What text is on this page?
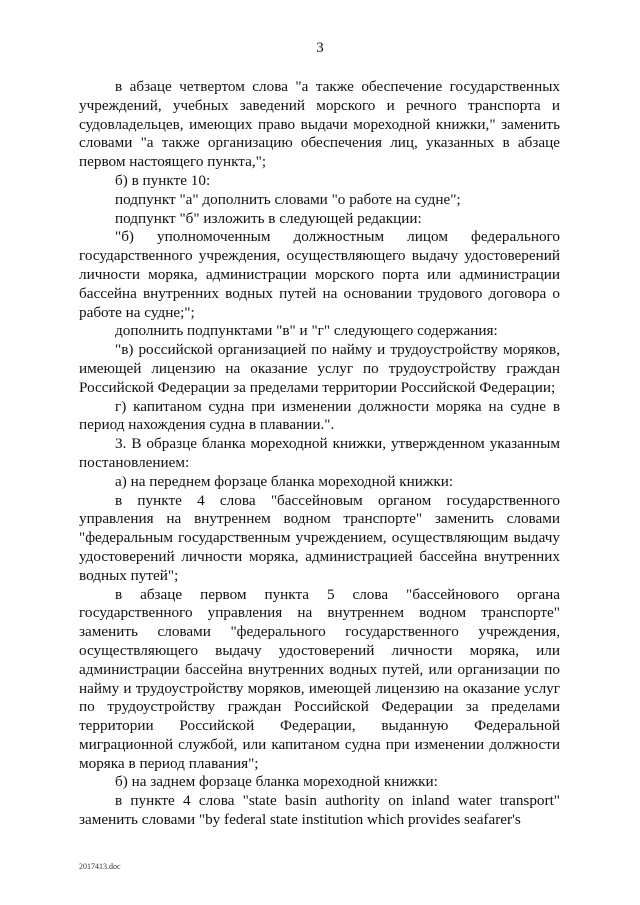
3

в абзаце четвертом слова "а также обеспечение государственных учреждений, учебных заведений морского и речного транспорта и судовладельцев, имеющих право выдачи мореходной книжки," заменить словами "а также организацию обеспечения лиц, указанных в абзаце первом настоящего пункта,";

б) в пункте 10:

подпункт "а" дополнить словами "о работе на судне";

подпункт "б" изложить в следующей редакции:

"б) уполномоченным должностным лицом федерального государственного учреждения, осуществляющего выдачу удостоверений личности моряка, администрации морского порта или администрации бассейна внутренних водных путей на основании трудового договора о работе на судне;";

дополнить подпунктами "в" и "г" следующего содержания:

"в) российской организацией по найму и трудоустройству моряков, имеющей лицензию на оказание услуг по трудоустройству граждан Российской Федерации за пределами территории Российской Федерации;

г) капитаном судна при изменении должности моряка на судне в период нахождения судна в плавании.".

3. В образце бланка мореходной книжки, утвержденном указанным постановлением:

а) на переднем форзаце бланка мореходной книжки:

в пункте 4 слова "бассейновым органом государственного управления на внутреннем водном транспорте" заменить словами "федеральным государственным учреждением, осуществляющим выдачу удостоверений личности моряка, администрацией бассейна внутренних водных путей";

в абзаце первом пункта 5 слова "бассейнового органа государственного управления на внутреннем водном транспорте" заменить словами "федерального государственного учреждения, осуществляющего выдачу удостоверений личности моряка, или администрации бассейна внутренних водных путей, или организации по найму и трудоустройству моряков, имеющей лицензию на оказание услуг по трудоустройству граждан Российской Федерации за пределами территории Российской Федерации, выданную Федеральной миграционной службой, или капитаном судна при изменении должности моряка в период плавания";

б) на заднем форзаце бланка мореходной книжки:

в пункте 4 слова "state basin authority on inland water transport" заменить словами "by federal state institution which provides seafarer's

2017413.doc
